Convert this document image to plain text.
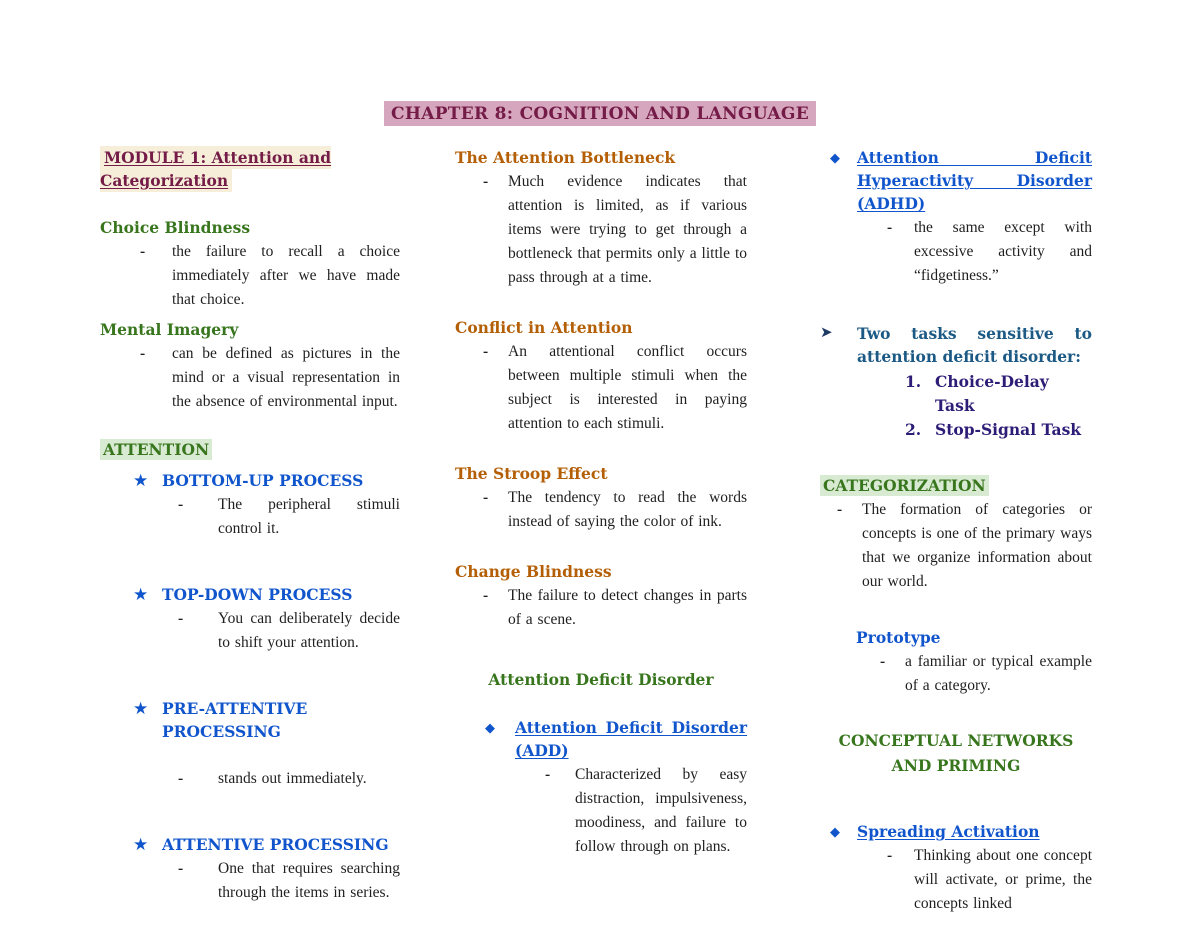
CHAPTER 8: COGNITION AND LANGUAGE
MODULE 1: Attention and Categorization
Choice Blindness
-	the failure to recall a choice immediately after we have made that choice.

Mental Imagery
-	can be defined as pictures in the mind or a visual representation in the absence of environmental input.

ATTENTION
★ BOTTOM-UP PROCESS
-	The peripheral stimuli control it.

★ TOP-DOWN PROCESS
-	You can deliberately decide to shift your attention.

★ PRE-ATTENTIVE PROCESSING
-	stands out immediately.

★ ATTENTIVE PROCESSING
-	One that requires searching through the items in series.

The Attention Bottleneck
-	Much evidence indicates that attention is limited, as if various items were trying to get through a bottleneck that permits only a little to pass through at a time.

Conflict in Attention
-	An attentional conflict occurs between multiple stimuli when the subject is interested in paying attention to each stimuli.

The Stroop Effect
-	The tendency to read the words instead of saying the color of ink.

Change Blindness
-	The failure to detect changes in parts of a scene.

Attention Deficit Disorder
◆	Attention Deficit Disorder (ADD)
-	Characterized by easy distraction, impulsiveness, moodiness, and failure to follow through on plans.

◆	Attention Deficit Hyperactivity Disorder (ADHD)
-	the same except with excessive activity and “fidgetiness.”

➤	Two tasks sensitive to attention deficit disorder:
1. Choice-Delay Task
2. Stop-Signal Task
CATEGORIZATION
-	The formation of categories or concepts is one of the primary ways that we organize information about our world.

Prototype
-	a familiar or typical example of a category.

CONCEPTUAL NETWORKS AND PRIMING
◆	Spreading Activation
-	Thinking about one concept will activate, or prime, the concepts linked
